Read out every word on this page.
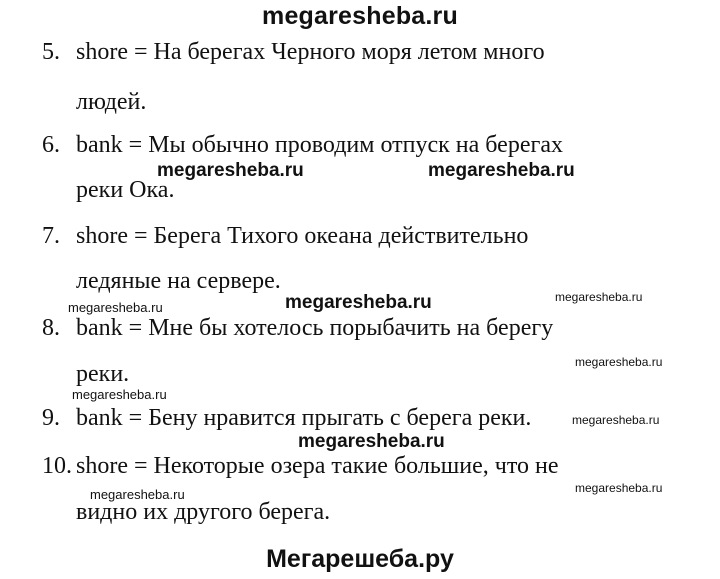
megaresheba.ru
5. shore = На берегах Черного моря летом много
людей.
6. bank = Мы обычно проводим отпуск на берегах
реки Ока.
7. shore = Берега Тихого океана действительно
ледяные на сервере.
8. bank = Мне бы хотелось порыбачить на берегу
реки.
9. bank = Бену нравится прыгать с берега реки.
10. shore = Некоторые озера такие большие, что не
видно их другого берега.
megaresheba.ru	megaresheba.ru
megaresheba.ru
megaresheba.ru
megaresheba.ru
megaresheba.ru
megaresheba.ru
megaresheba.ru
megaresheba.ru
megaresheba.ru	megaresheba.ru
Мегарешеба.ру
